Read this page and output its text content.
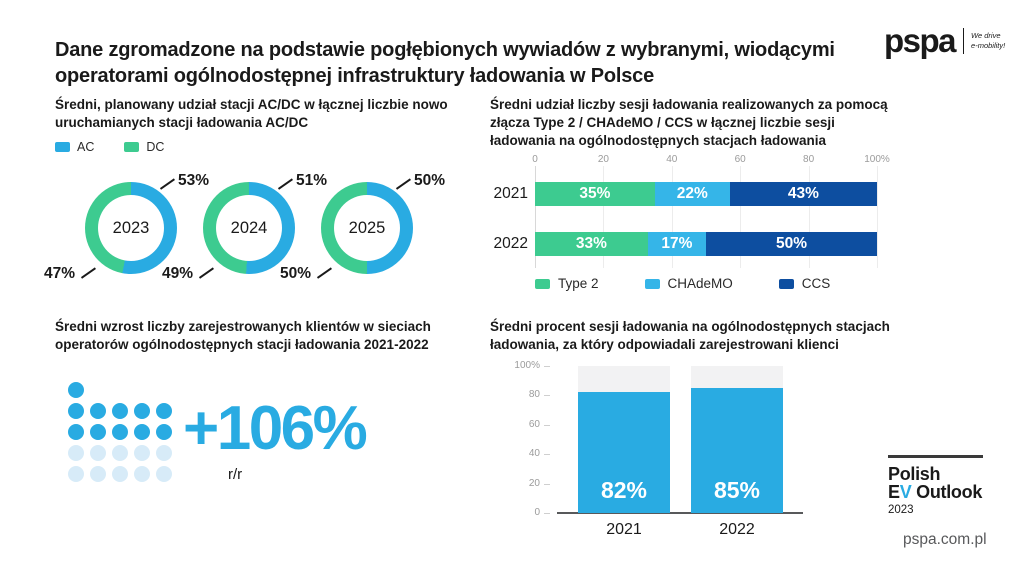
Dane zgromadzone na podstawie pogłębionych wywiadów z wybranymi, wiodącymi operatorami ogólnodostępnej infrastruktury ładowania w Polsce
pspa We drive
e-mobility!
Średni, planowany udział stacji AC/DC w łącznej liczbie nowo uruchamianych stacji ładowania AC/DC
AC	DC
2023
53%
47%
2024
51%
49%
2025
50%
50%
Średni udział liczby sesji ładowania realizowanych za pomocą złącza Type 2 / CHAdeMO / CCS w łącznej liczbie sesji ładowania na ogólnodostępnych stacjach ładowania
0	20	40	60	80	100%
2021	35%	22%	43%
2022	33%	17%	50%
Type 2	CHAdeMO	CCS
Średni wzrost liczby zarejestrowanych klientów w sieciach operatorów ogólnodostępnych stacji ładowania 2021-2022
+106%
r/r
Średni procent sesji ładowania na ogólnodostępnych stacjach ładowania, za który odpowiadali zarejestrowani klienci
100%
80
60
40
20
0
82%
2021
85%
2022
Polish
EV Outlook
2023
pspa.com.pl
